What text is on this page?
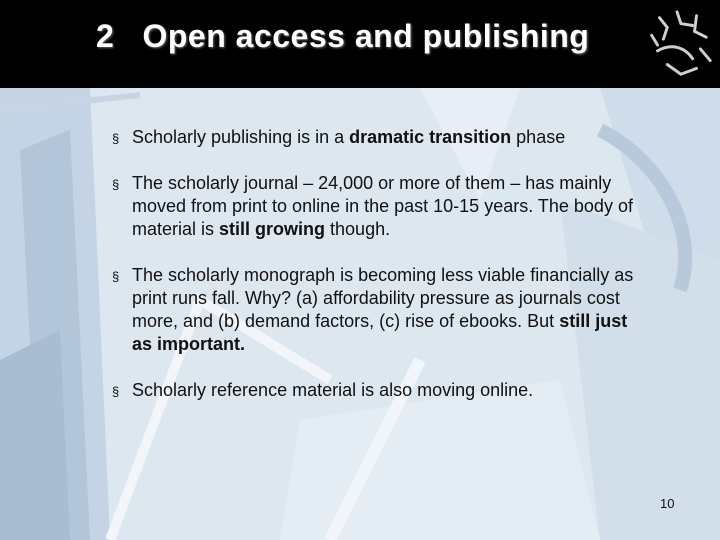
2   Open access and publishing
§ Scholarly publishing is in a dramatic transition phase
§ The scholarly journal – 24,000 or more of them – has mainly moved from print to online in the past 10-15 years. The body of material is still growing though.
§ The scholarly monograph is becoming less viable financially as print runs fall. Why? (a) affordability pressure as journals cost more, and (b) demand factors, (c) rise of ebooks. But still just as important.
§ Scholarly reference material is also moving online.
10
